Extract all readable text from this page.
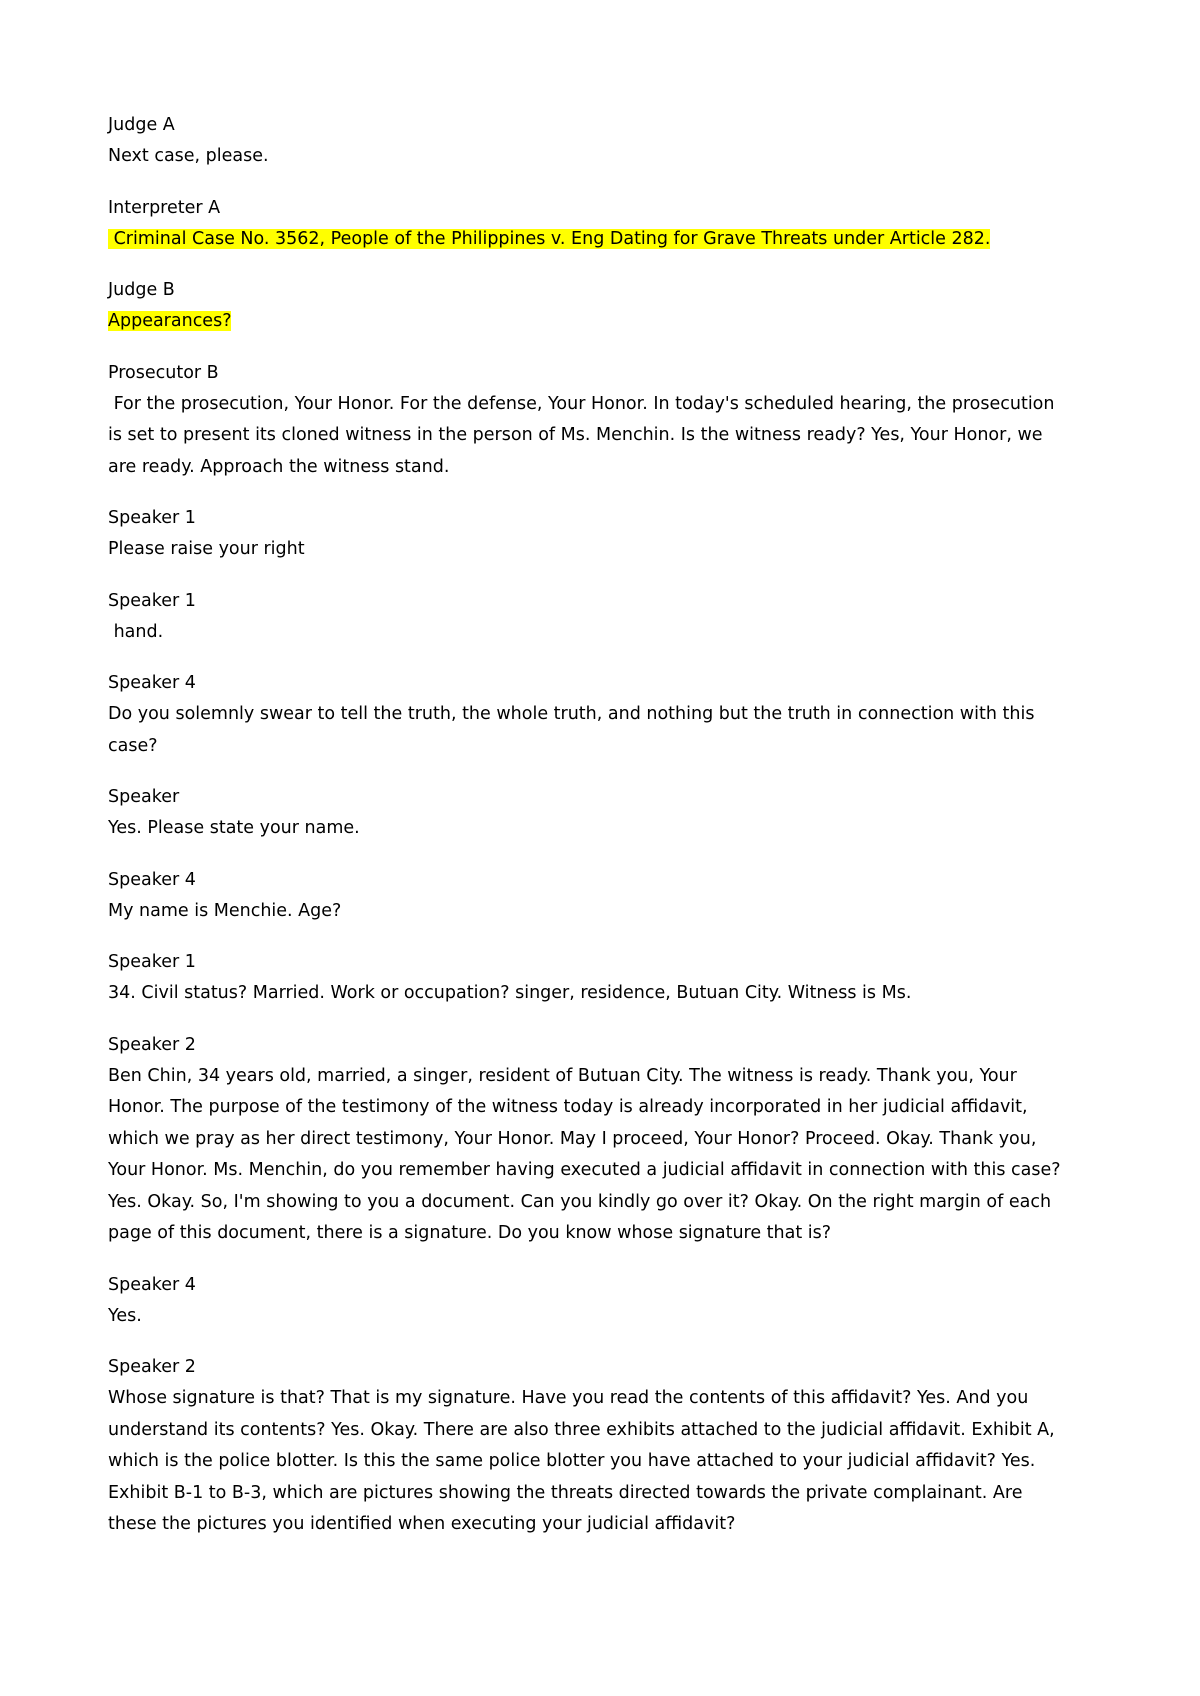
Judge A
Next case, please.
Interpreter A
Criminal Case No. 3562, People of the Philippines v. Eng Dating for Grave Threats under Article 282.
Judge B
Appearances?
Prosecutor B
For the prosecution, Your Honor. For the defense, Your Honor. In today's scheduled hearing, the prosecution is set to present its cloned witness in the person of Ms. Menchin. Is the witness ready? Yes, Your Honor, we are ready. Approach the witness stand.
Speaker 1
Please raise your right
Speaker 1
hand.
Speaker 4
Do you solemnly swear to tell the truth, the whole truth, and nothing but the truth in connection with this case?
Speaker
Yes. Please state your name.
Speaker 4
My name is Menchie. Age?
Speaker 1
34. Civil status? Married. Work or occupation? singer, residence, Butuan City. Witness is Ms.
Speaker 2
Ben Chin, 34 years old, married, a singer, resident of Butuan City. The witness is ready. Thank you, Your Honor. The purpose of the testimony of the witness today is already incorporated in her judicial affidavit, which we pray as her direct testimony, Your Honor. May I proceed, Your Honor? Proceed. Okay. Thank you, Your Honor. Ms. Menchin, do you remember having executed a judicial affidavit in connection with this case? Yes. Okay. So, I'm showing to you a document. Can you kindly go over it? Okay. On the right margin of each page of this document, there is a signature. Do you know whose signature that is?
Speaker 4
Yes.
Speaker 2
Whose signature is that? That is my signature. Have you read the contents of this affidavit? Yes. And you understand its contents? Yes. Okay. There are also three exhibits attached to the judicial affidavit. Exhibit A, which is the police blotter. Is this the same police blotter you have attached to your judicial affidavit? Yes. Exhibit B-1 to B-3, which are pictures showing the threats directed towards the private complainant. Are these the pictures you identified when executing your judicial affidavit?
